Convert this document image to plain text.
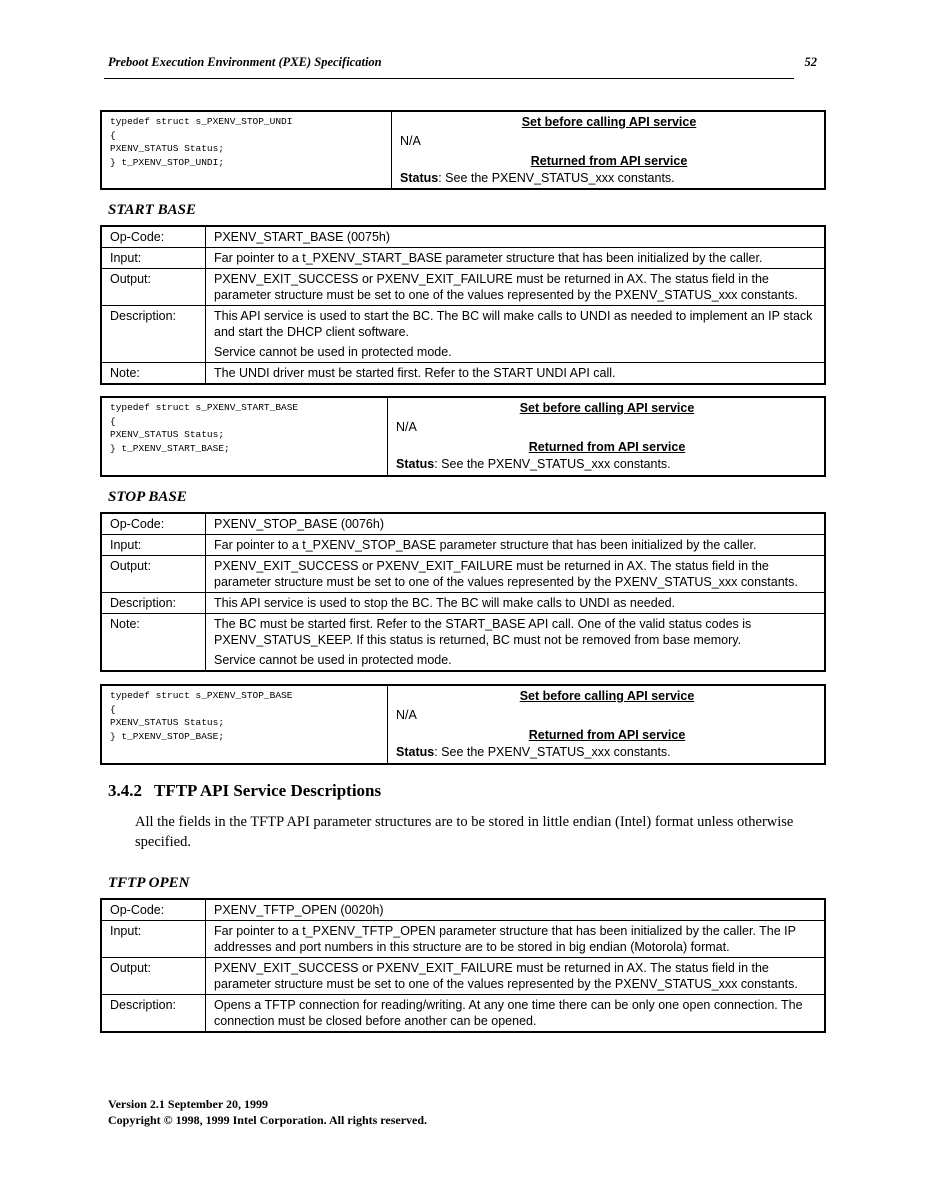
Preboot Execution Environment (PXE) Specification	52
typedef struct s_PXENV_STOP_UNDI
{
PXENV_STATUS Status;
} t_PXENV_STOP_UNDI;	
Set before calling API service
N/A
Returned from API service
Status: See the PXENV_STATUS_xxx constants.
START BASE
Op-Code:	PXENV_START_BASE (0075h)
Input:	Far pointer to a t_PXENV_START_BASE parameter structure that has been initialized by the caller.
Output:	PXENV_EXIT_SUCCESS or PXENV_EXIT_FAILURE must be returned in AX. The status field in the parameter structure must be set to one of the values represented by the PXENV_STATUS_xxx constants.
Description:	This API service is used to start the BC. The BC will make calls to UNDI as needed to implement an IP stack and start the DHCP client software.

Service cannot be used in protected mode.

Note:	The UNDI driver must be started first. Refer to the START UNDI API call.
typedef struct s_PXENV_START_BASE
{
PXENV_STATUS Status;
} t_PXENV_START_BASE;	
Set before calling API service
N/A
Returned from API service
Status: See the PXENV_STATUS_xxx constants.
STOP BASE
Op-Code:	PXENV_STOP_BASE (0076h)
Input:	Far pointer to a t_PXENV_STOP_BASE parameter structure that has been initialized by the caller.
Output:	PXENV_EXIT_SUCCESS or PXENV_EXIT_FAILURE must be returned in AX. The status field in the parameter structure must be set to one of the values represented by the PXENV_STATUS_xxx constants.
Description:	This API service is used to stop the BC. The BC will make calls to UNDI as needed.
Note:	The BC must be started first. Refer to the START_BASE API call. One of the valid status codes is PXENV_STATUS_KEEP. If this status is returned, BC must not be removed from base memory.

Service cannot be used in protected mode.

typedef struct s_PXENV_STOP_BASE
{
PXENV_STATUS Status;
} t_PXENV_STOP_BASE;	
Set before calling API service
N/A
Returned from API service
Status: See the PXENV_STATUS_xxx constants.
3.4.2 TFTP API Service Descriptions
All the fields in the TFTP API parameter structures are to be stored in little endian (Intel) format unless otherwise specified.
TFTP OPEN
Op-Code:	PXENV_TFTP_OPEN (0020h)
Input:	Far pointer to a t_PXENV_TFTP_OPEN parameter structure that has been initialized by the caller. The IP addresses and port numbers in this structure are to be stored in big endian (Motorola) format.
Output:	PXENV_EXIT_SUCCESS or PXENV_EXIT_FAILURE must be returned in AX. The status field in the parameter structure must be set to one of the values represented by the PXENV_STATUS_xxx constants.
Description:	Opens a TFTP connection for reading/writing. At any one time there can be only one open connection. The connection must be closed before another can be opened.
Version 2.1 September 20, 1999
Copyright © 1998, 1999 Intel Corporation. All rights reserved.
